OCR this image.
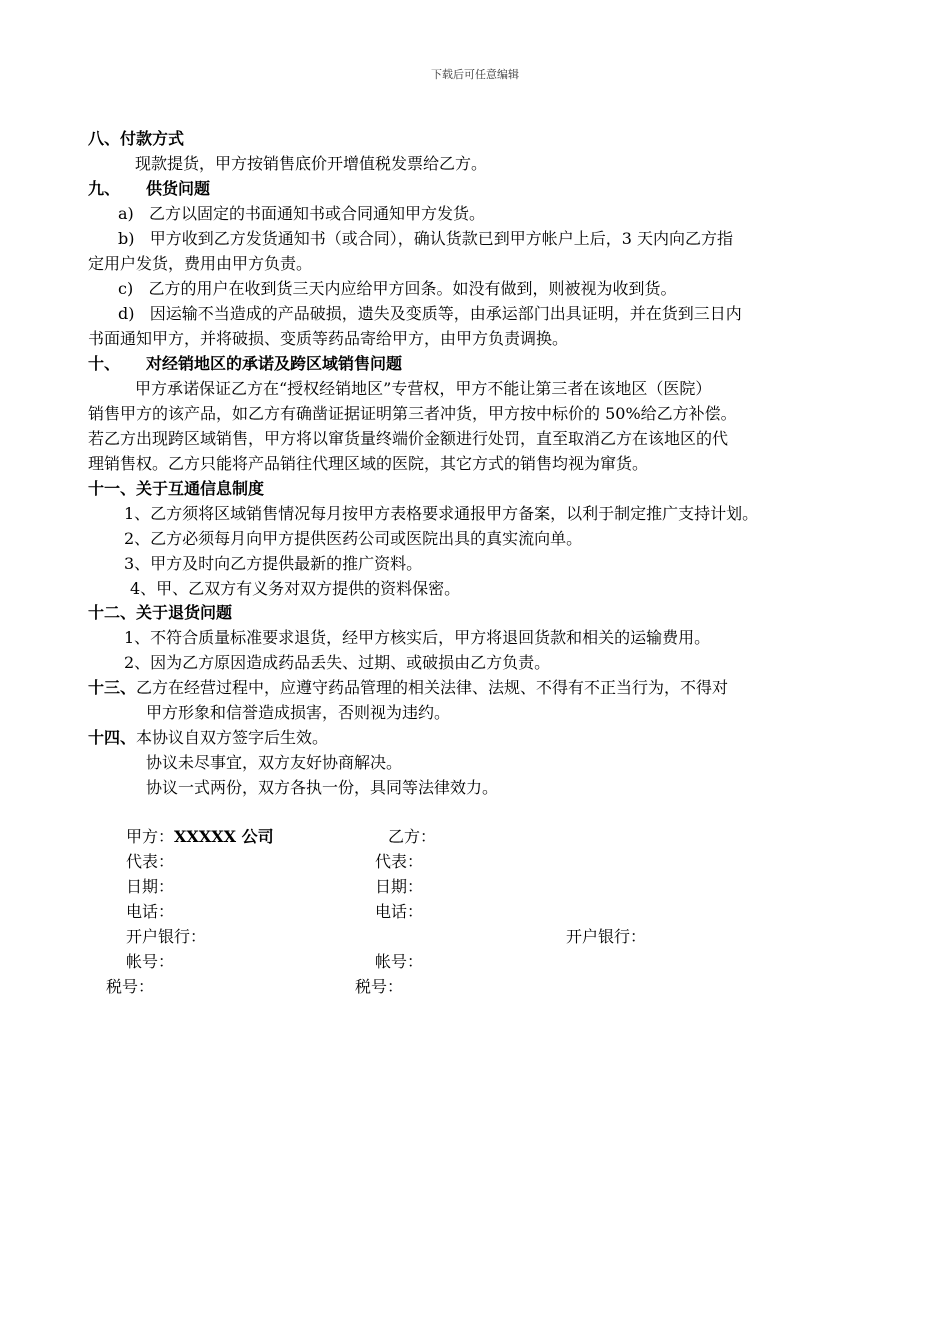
下载后可任意编辑
八、付款方式
现款提货，甲方按销售底价开增值税发票给乙方。
九、 供货问题
a) 乙方以固定的书面通知书或合同通知甲方发货。
b) 甲方收到乙方发货通知书（或合同），确认货款已到甲方帐户上后，3 天内向乙方指
定用户发货，费用由甲方负责。
c) 乙方的用户在收到货三天内应给甲方回条。如没有做到，则被视为收到货。
d) 因运输不当造成的产品破损，遗失及变质等，由承运部门出具证明，并在货到三日内
书面通知甲方，并将破损、变质等药品寄给甲方，由甲方负责调换。
十、 对经销地区的承诺及跨区域销售问题
甲方承诺保证乙方在“授权经销地区”专营权，甲方不能让第三者在该地区（医院）
销售甲方的该产品，如乙方有确凿证据证明第三者冲货，甲方按中标价的 50%给乙方补偿。
若乙方出现跨区域销售，甲方将以窜货量终端价金额进行处罚，直至取消乙方在该地区的代
理销售权。乙方只能将产品销往代理区域的医院，其它方式的销售均视为窜货。
十一、关于互通信息制度
1、乙方须将区域销售情况每月按甲方表格要求通报甲方备案，以利于制定推广支持计划。
2、乙方必须每月向甲方提供医药公司或医院出具的真实流向单。
3、甲方及时向乙方提供最新的推广资料。
4、甲、乙双方有义务对双方提供的资料保密。
十二、关于退货问题
1、不符合质量标准要求退货，经甲方核实后，甲方将退回货款和相关的运输费用。
2、因为乙方原因造成药品丢失、过期、或破损由乙方负责。
十三、乙方在经营过程中，应遵守药品管理的相关法律、法规、不得有不正当行为，不得对
甲方形象和信誉造成损害，否则视为违约。
十四、本协议自双方签字后生效。
协议未尽事宜，双方友好协商解决。
协议一式两份，双方各执一份，具同等法律效力。
甲方：XXXXX 公司	乙方：
代表：	代表：
日期：	日期：
电话：	电话：
开户银行：	开户银行：
帐号：	帐号：
税号：	税号：
